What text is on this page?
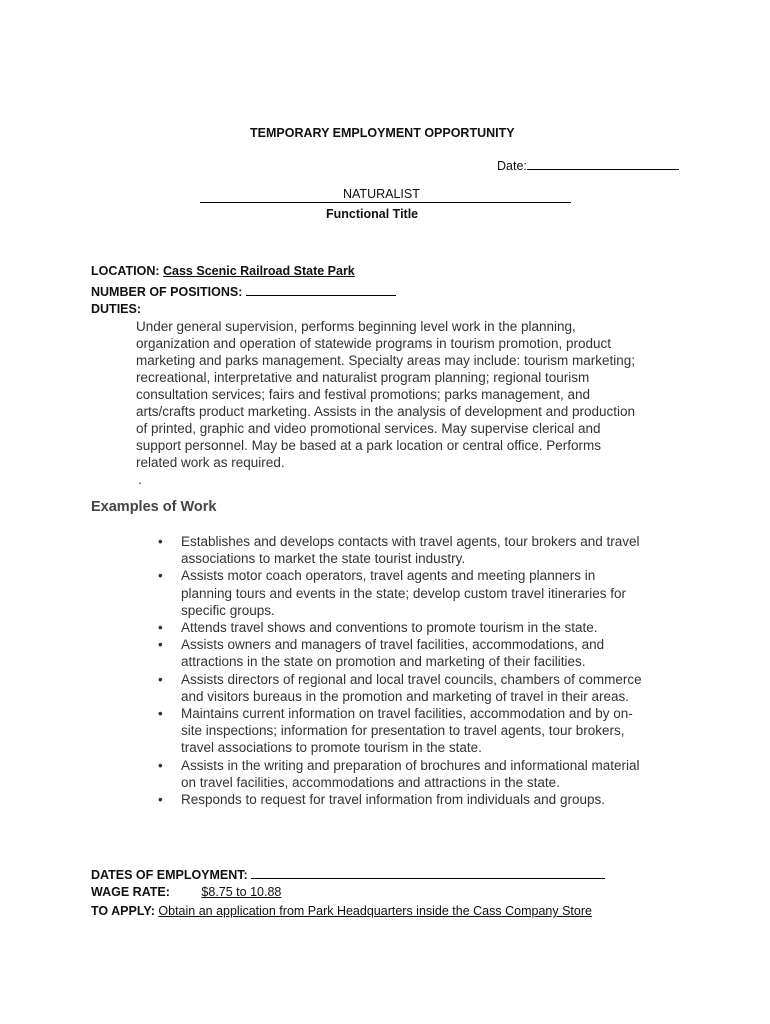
TEMPORARY EMPLOYMENT OPPORTUNITY
Date:
NATURALIST
Functional Title
LOCATION: Cass Scenic Railroad State Park
NUMBER OF POSITIONS:
DUTIES:
Under general supervision, performs beginning level work in the planning,
organization and operation of statewide programs in tourism promotion, product
marketing and parks management. Specialty areas may include: tourism marketing;
recreational, interpretative and naturalist program planning; regional tourism
consultation services; fairs and festival promotions; parks management, and
arts/crafts product marketing. Assists in the analysis of development and production
of printed, graphic and video promotional services. May supervise clerical and
support personnel. May be based at a park location or central office. Performs
related work as required.
.
Examples of Work
• Establishes and develops contacts with travel agents, tour brokers and travel
associations to market the state tourist industry.
• Assists motor coach operators, travel agents and meeting planners in
planning tours and events in the state; develop custom travel itineraries for
specific groups.
• Attends travel shows and conventions to promote tourism in the state.
• Assists owners and managers of travel facilities, accommodations, and
attractions in the state on promotion and marketing of their facilities.
• Assists directors of regional and local travel councils, chambers of commerce
and visitors bureaus in the promotion and marketing of travel in their areas.
• Maintains current information on travel facilities, accommodation and by on-
site inspections; information for presentation to travel agents, tour brokers,
travel associations to promote tourism in the state.
• Assists in the writing and preparation of brochures and informational material
on travel facilities, accommodations and attractions in the state.
• Responds to request for travel information from individuals and groups.
DATES OF EMPLOYMENT:
WAGE RATE:	$8.75 to 10.88
TO APPLY: Obtain an application from Park Headquarters inside the Cass Company Store
